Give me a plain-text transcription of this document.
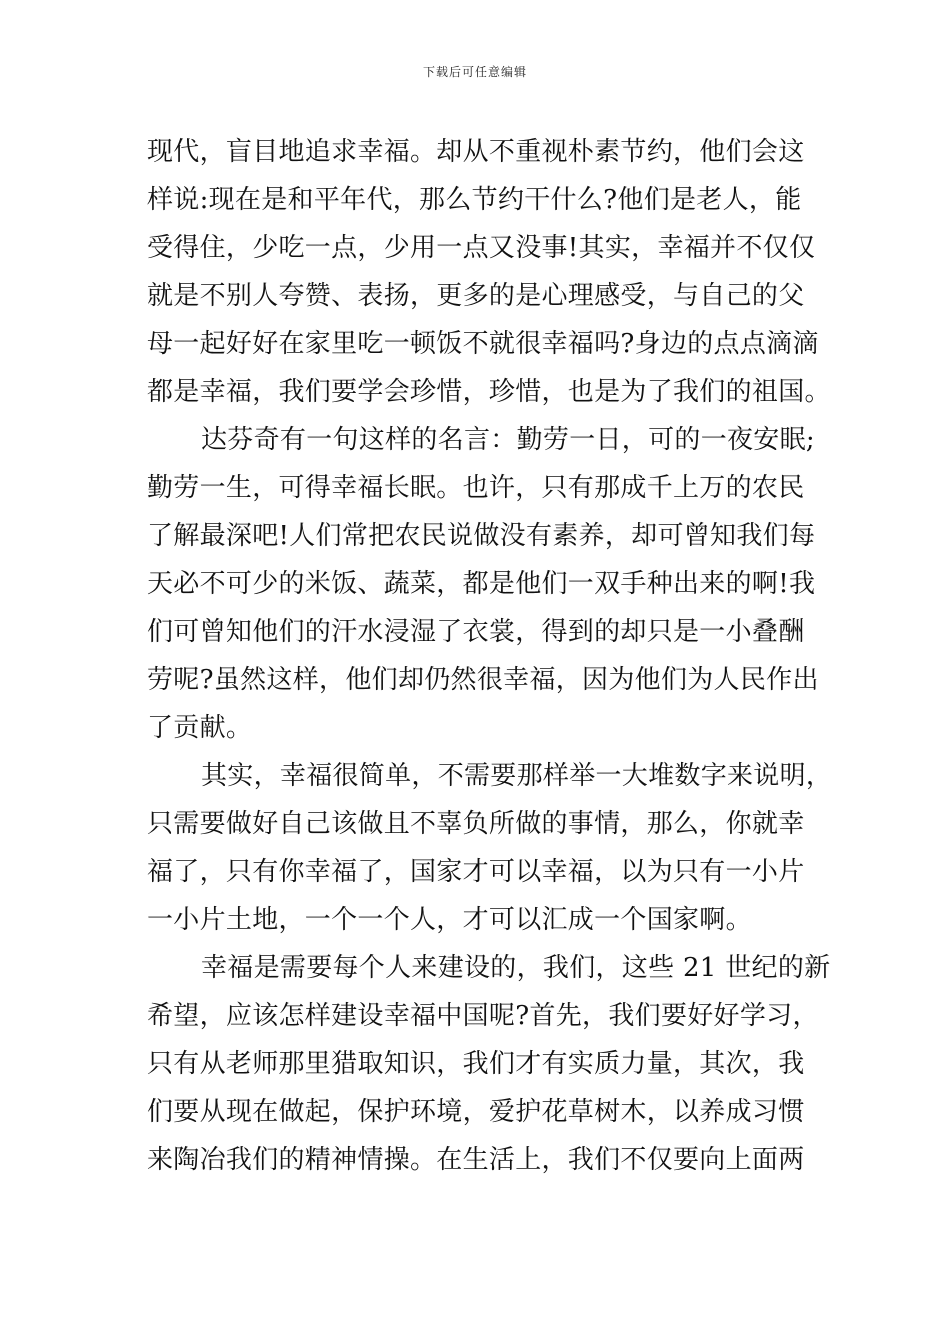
下载后可任意编辑
现代，盲目地追求幸福。却从不重视朴素节约，他们会这
样说:现在是和平年代，那么节约干什么?他们是老人，能
受得住，少吃一点，少用一点又没事!其实，幸福并不仅仅
就是不别人夸赞、表扬，更多的是心理感受，与自己的父
母一起好好在家里吃一顿饭不就很幸福吗?身边的点点滴滴
都是幸福，我们要学会珍惜，珍惜，也是为了我们的祖国。
达芬奇有一句这样的名言：勤劳一日，可的一夜安眠;
勤劳一生，可得幸福长眠。也许，只有那成千上万的农民
了解最深吧!人们常把农民说做没有素养，却可曾知我们每
天必不可少的米饭、蔬菜，都是他们一双手种出来的啊!我
们可曾知他们的汗水浸湿了衣裳，得到的却只是一小叠酬
劳呢?虽然这样，他们却仍然很幸福，因为他们为人民作出
了贡献。
其实，幸福很简单，不需要那样举一大堆数字来说明，
只需要做好自己该做且不辜负所做的事情，那么，你就幸
福了，只有你幸福了，国家才可以幸福，以为只有一小片
一小片土地，一个一个人，才可以汇成一个国家啊。
幸福是需要每个人来建设的，我们，这些 21 世纪的新
希望，应该怎样建设幸福中国呢?首先，我们要好好学习，
只有从老师那里猎取知识，我们才有实质力量，其次，我
们要从现在做起，保护环境，爱护花草树木，以养成习惯
来陶冶我们的精神情操。在生活上，我们不仅要向上面两
